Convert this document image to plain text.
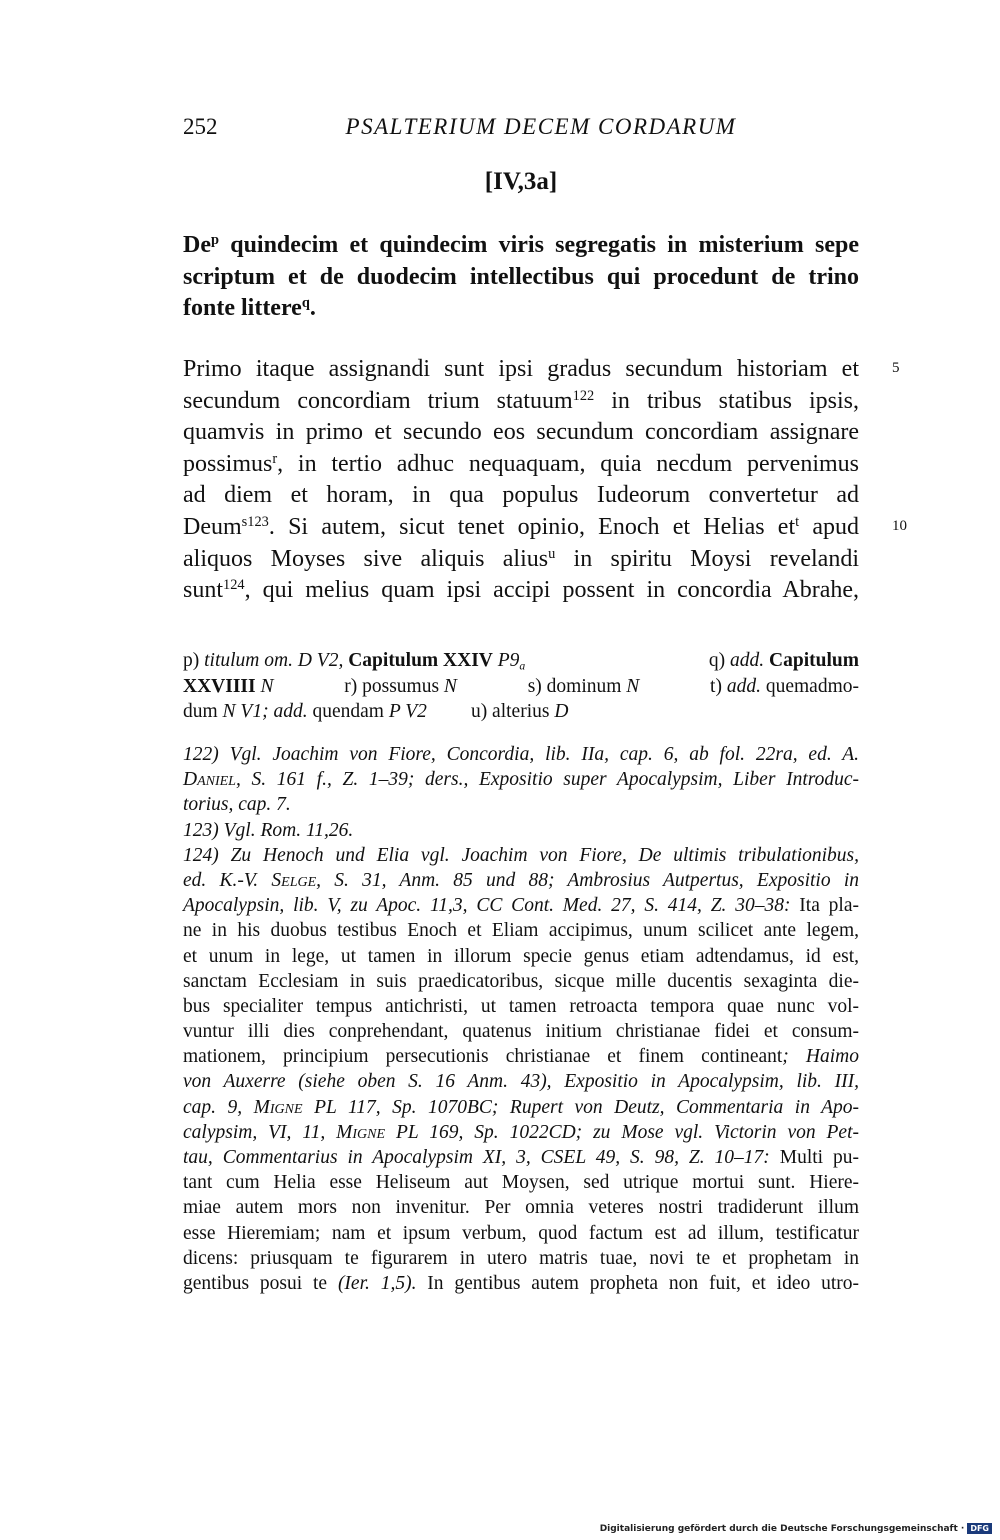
252	PSALTERIUM DECEM CORDARUM
[IV,3a]
De$^p$ quindecim et quindecim viris segregatis in misterium sepe
scriptum et de duodecim intellectibus qui procedunt de trino
fonte littere$^q$.
Primo itaque assignandi sunt ipsi gradus secundum historiam et
secundum concordiam trium statuum$^{122}$ in tribus statibus ipsis,
quamvis in primo et secundo eos secundum concordiam assignare
possimus$^r$, in tertio adhuc nequaquam, quia necdum pervenimus
ad diem et horam, in qua populus Iudeorum convertetur ad
Deum$^{s123}$. Si autem, sicut tenet opinio, Enoch et Helias $et^t$ apud
aliquos Moyses sive aliquis alius$^u$ in spiritu Moysi revelandi
sunt$^{124}$, qui melius quam ipsi accipi possent in concordia Abrahe,
5
10
p) titulum om. D V2, Capitulum XXIV $P9_a$	q) add. Capitulum
XXVIIII N	r) possumus N	s) dominum N	t) add. quemadmo-
dum N V1; add. quendam P V2 u) alterius D
122) Vgl. Joachim von Fiore, Concordia, lib. IIa, cap. 6, ab fol. 22ra, ed. A.
Daniel, S. 161 f., Z. 1–39; ders., Expositio super Apocalypsim, Liber Introduc-
torius, cap. 7.
123) Vgl. Rom. 11,26.
124) Zu Henoch und Elia vgl. Joachim von Fiore, De ultimis tribulationibus,
ed. K.-V. Selge, S. 31, Anm. 85 und 88; Ambrosius Autpertus, Expositio in
Apocalypsin, lib. V, zu Apoc. 11,3, CC Cont. Med. 27, S. 414, Z. 30–38: Ita pla-
ne in his duobus testibus Enoch et Eliam accipimus, unum scilicet ante legem,
et unum in lege, ut tamen in illorum specie genus etiam adtendamus, id est,
sanctam Ecclesiam in suis praedicatoribus, sicque mille ducentis sexaginta die-
bus specialiter tempus antichristi, ut tamen retroacta tempora quae nunc vol-
vuntur illi dies conprehendant, quatenus initium christianae fidei et consum-
mationem, principium persecutionis christianae et finem contineant; Haimo
von Auxerre (siehe oben S. 16 Anm. 43), Expositio in Apocalypsim, lib. III,
cap. 9, Migne PL 117, Sp. 1070BC; Rupert von Deutz, Commentaria in Apo-
calypsim, VI, 11, Migne PL 169, Sp. 1022CD; zu Mose vgl. Victorin von Pet-
tau, Commentarius in Apocalypsim XI, 3, CSEL 49, S. 98, Z. 10–17: Multi pu-
tant cum Helia esse Heliseum aut Moysen, sed utrique mortui sunt. Hiere-
miae autem mors non invenitur. Per omnia veteres nostri tradiderunt illum
esse Hieremiam; nam et ipsum verbum, quod factum est ad illum, testificatur
dicens: priusquam te figurarem in utero matris tuae, novi te et prophetam in
gentibus posui te (Ier. 1,5). In gentibus autem propheta non fuit, et ideo utro-
Digitalisierung gefördert durch die Deutsche Forschungsgemeinschaft · DFG
